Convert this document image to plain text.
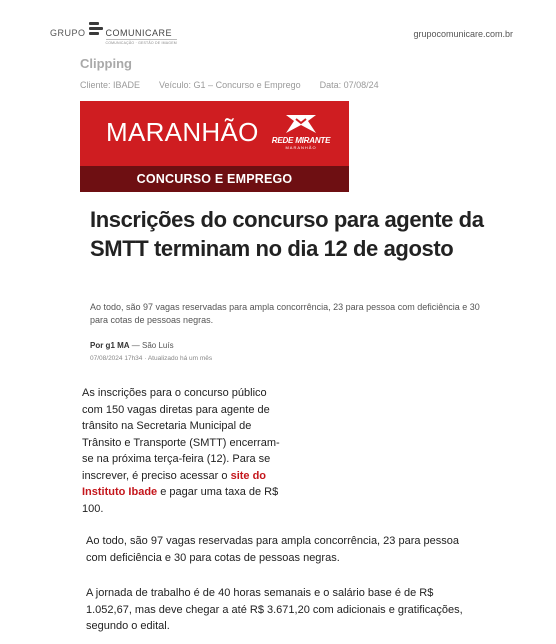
GRUPO COMUNICARE
COMUNICAÇÃO · GESTÃO DE IMAGEM
grupocomunicare.com.br
Clipping
Cliente: IBADE Veículo: G1 – Concurso e Emprego Data: 07/08/24
MARANHÃO	REDE MIRANTE
MARANHÃO
CONCURSO E EMPREGO
Inscrições do concurso para agente da SMTT terminam no dia 12 de agosto
Ao todo, são 97 vagas reservadas para ampla concorrência, 23 para pessoa com deficiência e 30 para cotas de pessoas negras.
Por g1 MA — São Luís
07/08/2024 17h34 · Atualizado há um mês
As inscrições para o concurso público com 150 vagas diretas para agente de trânsito na Secretaria Municipal de Trânsito e Transporte (SMTT) encerram-se na próxima terça-feira (12). Para se inscrever, é preciso acessar o site do Instituto Ibade e pagar uma taxa de R$ 100.
Ao todo, são 97 vagas reservadas para ampla concorrência, 23 para pessoa com deficiência e 30 para cotas de pessoas negras.
A jornada de trabalho é de 40 horas semanais e o salário base é de R$ 1.052,67, mas deve chegar a até R$ 3.671,20 com adicionais e gratificações, segundo o edital.
